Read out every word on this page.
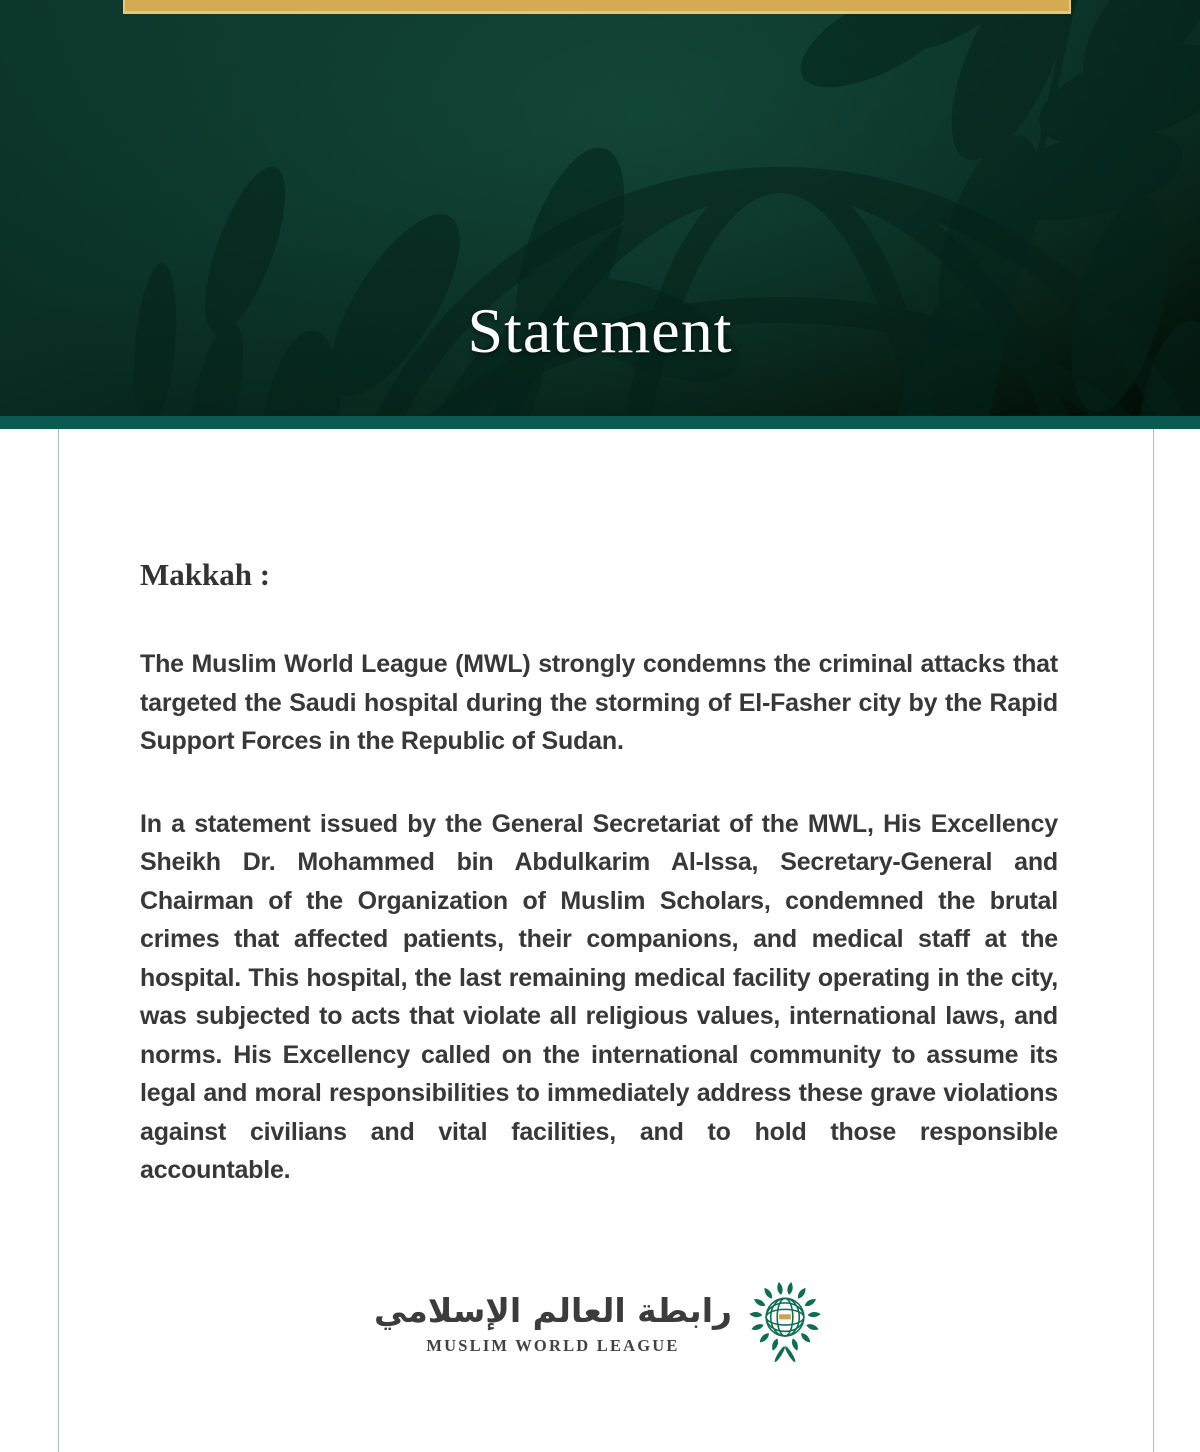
Statement
Makkah :

The Muslim World League (MWL) strongly condemns the criminal attacks that targeted the Saudi hospital during the storming of El-Fasher city by the Rapid Support Forces in the Republic of Sudan.

In a statement issued by the General Secretariat of the MWL, His Excellency Sheikh Dr. Mohammed bin Abdulkarim Al-Issa, Secretary-General and Chairman of the Organization of Muslim Scholars, condemned the brutal crimes that affected patients, their companions, and medical staff at the hospital. This hospital, the last remaining medical facility operating in the city, was subjected to acts that violate all religious values, international laws, and norms. His Excellency called on the international community to assume its legal and moral responsibilities to immediately address these grave violations against civilians and vital facilities, and to hold those responsible accountable.

رابطة العالم الإسلامي
MUSLIM WORLD LEAGUE
